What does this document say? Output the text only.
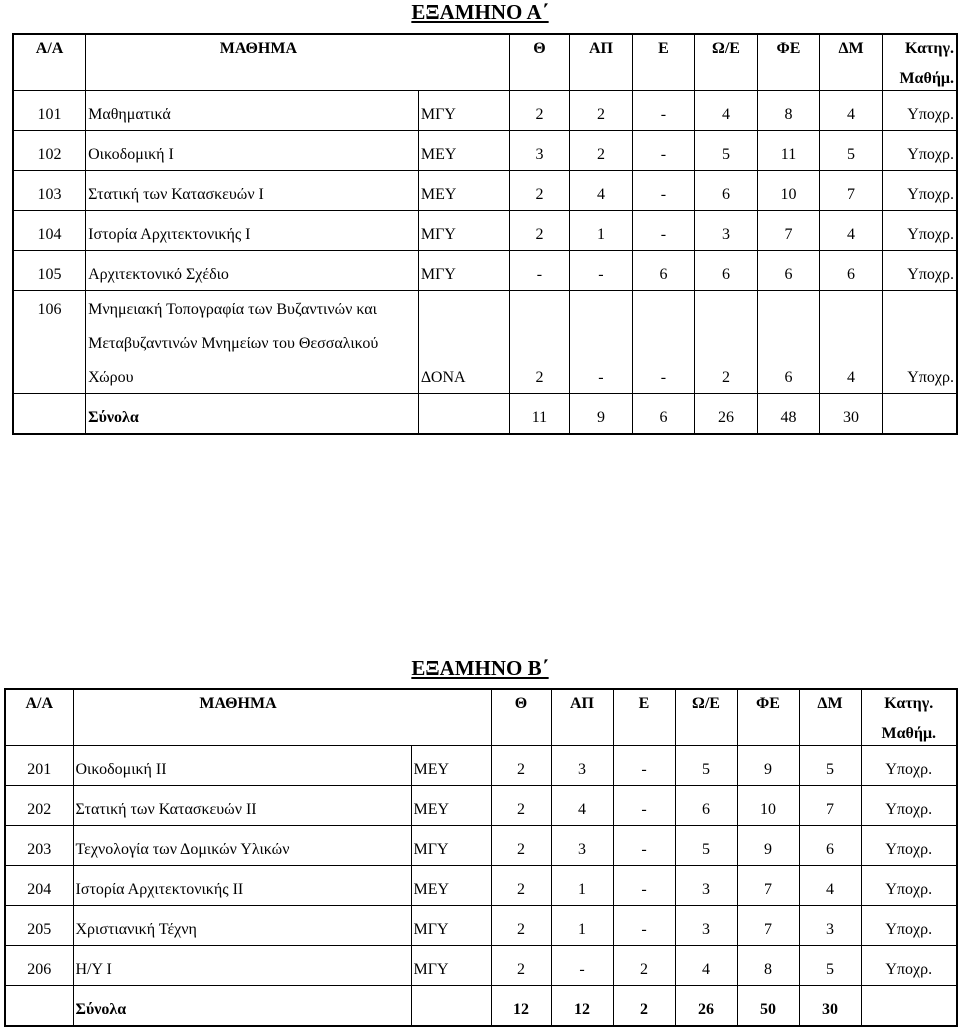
ΕΞΑΜΗΝΟ Α΄
Α/Α	ΜΑΘΗΜΑ		Θ	ΑΠ	Ε	Ω/Ε	ΦΕ	ΔΜ	Κατηγ.
									Μαθήμ.
101	Μαθηματικά	ΜΓΥ	2	2	-	4	8	4	Υποχρ.
102	Οικοδομική Ι	ΜΕΥ	3	2	-	5	11	5	Υποχρ.
103	Στατική των Κατασκευών Ι	ΜΕΥ	2	4	-	6	10	7	Υποχρ.
104	Ιστορία Αρχιτεκτονικής Ι	ΜΓΥ	2	1	-	3	7	4	Υποχρ.
105	Αρχιτεκτονικό Σχέδιο	ΜΓΥ	-	-	6	6	6	6	Υποχρ.
106	Μνημειακή Τοπογραφία των Βυζαντινών και								
	Μεταβυζαντινών Μνημείων του Θεσσαλικού								
	Χώρου	ΔΟΝΑ	2	-	-	2	6	4	Υποχρ.
	Σύνολα		11	9	6	26	48	30	
ΕΞΑΜΗΝΟ Β΄
Α/Α	ΜΑΘΗΜΑ		Θ	ΑΠ	Ε	Ω/Ε	ΦΕ	ΔΜ	Κατηγ.
									Μαθήμ.
201	Οικοδομική ΙΙ	ΜΕΥ	2	3	-	5	9	5	Υποχρ.
202	Στατική των Κατασκευών ΙΙ	ΜΕΥ	2	4	-	6	10	7	Υποχρ.
203	Τεχνολογία των Δομικών Υλικών	ΜΓΥ	2	3	-	5	9	6	Υποχρ.
204	Ιστορία Αρχιτεκτονικής ΙΙ	ΜΕΥ	2	1	-	3	7	4	Υποχρ.
205	Χριστιανική Τέχνη	ΜΓΥ	2	1	-	3	7	3	Υποχρ.
206	Η/Υ Ι	ΜΓΥ	2	-	2	4	8	5	Υποχρ.
	Σύνολα		12	12	2	26	50	30	
